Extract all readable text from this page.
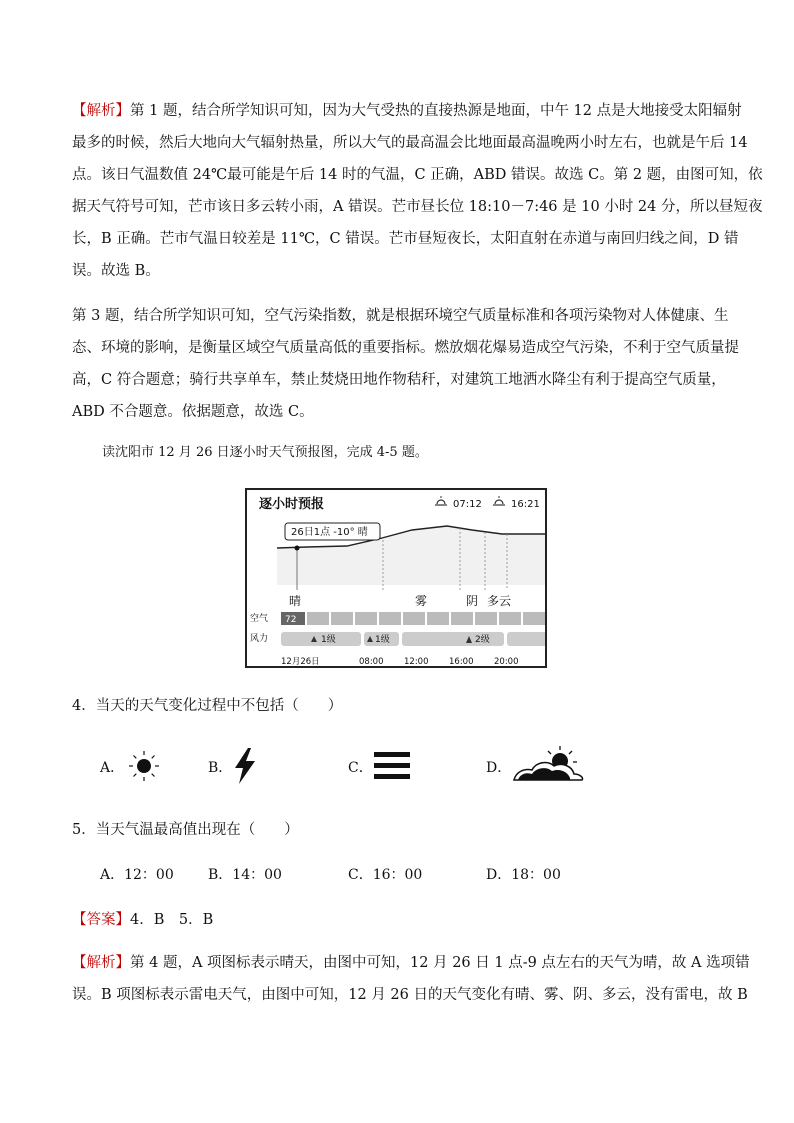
【解析】第 1 题，结合所学知识可知，因为大气受热的直接热源是地面，中午 12 点是大地接受太阳辐射
最多的时候，然后大地向大气辐射热量，所以大气的最高温会比地面最高温晚两小时左右，也就是午后 14
点。该日气温数值 24℃最可能是午后 14 时的气温，C 正确，ABD 错误。故选 C。第 2 题，由图可知，依
据天气符号可知，芒市该日多云转小雨，A 错误。芒市昼长位 18:10－7:46 是 10 小时 24 分，所以昼短夜
长，B 正确。芒市气温日较差是 11℃，C 错误。芒市昼短夜长，太阳直射在赤道与南回归线之间，D 错
误。故选 B。
第 3 题，结合所学知识可知，空气污染指数，就是根据环境空气质量标准和各项污染物对人体健康、生
态、环境的影响，是衡量区域空气质量高低的重要指标。燃放烟花爆易造成空气污染，不利于空气质量提
高，C 符合题意；骑行共享单车，禁止焚烧田地作物秸秆，对建筑工地洒水降尘有利于提高空气质量，
ABD 不合题意。依据题意，故选 C。
读沈阳市 12 月 26 日逐小时天气预报图，完成 4-5 题。
逐小时预报	07:12	16:21
26日1点 -10° 晴
晴	雾	阴 多云
空气 72
风力	1级	1级	2级
12月26日	08:00 12:00 16:00 20:00
4．当天的天气变化过程中不包括（　　）
A．	B．	C．	D．
5．当天气温最高值出现在（　　）
A．12：00 B．14：00	C．16：00	D．18：00
【答案】4．B　5．B
【解析】第 4 题，A 项图标表示晴天，由图中可知，12 月 26 日 1 点-9 点左右的天气为晴，故 A 选项错
误。B 项图标表示雷电天气，由图中可知，12 月 26 日的天气变化有晴、雾、阴、多云，没有雷电，故 B
